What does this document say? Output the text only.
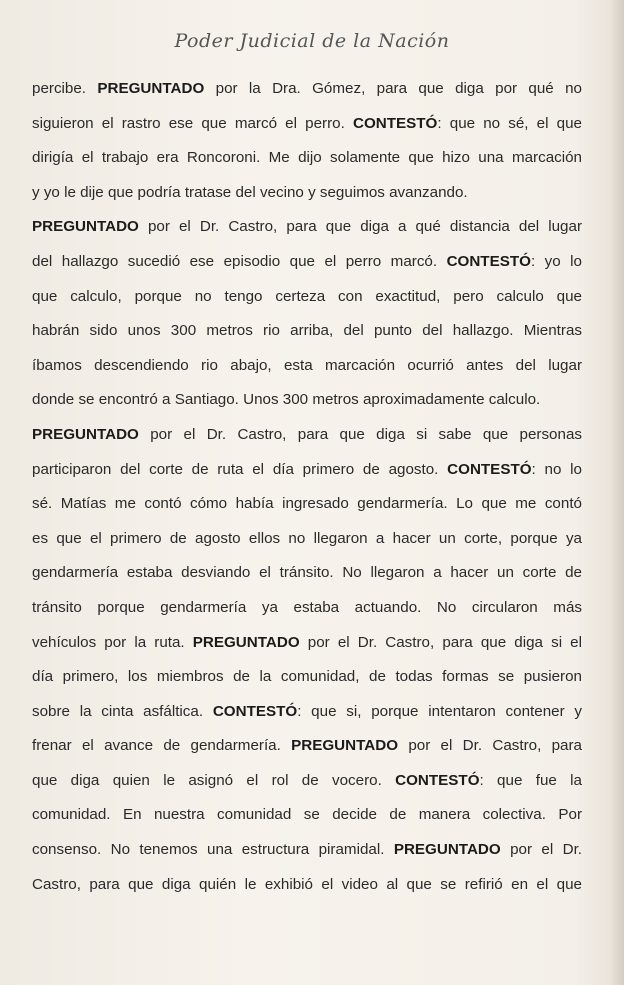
Poder Judicial de la Nación
percibe. PREGUNTADO por la Dra. Gómez, para que diga por qué no
siguieron el rastro ese que marcó el perro. CONTESTÓ: que no sé, el que
dirigía el trabajo era Roncoroni. Me dijo solamente que hizo una marcación
y yo le dije que podría tratase del vecino y seguimos avanzando.
PREGUNTADO por el Dr. Castro, para que diga a qué distancia del lugar
del hallazgo sucedió ese episodio que el perro marcó. CONTESTÓ: yo lo
que calculo, porque no tengo certeza con exactitud, pero calculo que
habrán sido unos 300 metros rio arriba, del punto del hallazgo. Mientras
íbamos descendiendo rio abajo, esta marcación ocurrió antes del lugar
donde se encontró a Santiago. Unos 300 metros aproximadamente calculo.
PREGUNTADO por el Dr. Castro, para que diga si sabe que personas
participaron del corte de ruta el día primero de agosto. CONTESTÓ: no lo
sé. Matías me contó cómo había ingresado gendarmería. Lo que me contó
es que el primero de agosto ellos no llegaron a hacer un corte, porque ya
gendarmería estaba desviando el tránsito. No llegaron a hacer un corte de
tránsito porque gendarmería ya estaba actuando. No circularon más
vehículos por la ruta. PREGUNTADO por el Dr. Castro, para que diga si el
día primero, los miembros de la comunidad, de todas formas se pusieron
sobre la cinta asfáltica. CONTESTÓ: que si, porque intentaron contener y
frenar el avance de gendarmería. PREGUNTADO por el Dr. Castro, para
que diga quien le asignó el rol de vocero. CONTESTÓ: que fue la
comunidad. En nuestra comunidad se decide de manera colectiva. Por
consenso. No tenemos una estructura piramidal. PREGUNTADO por el Dr.
Castro, para que diga quién le exhibió el video al que se refirió en el que
